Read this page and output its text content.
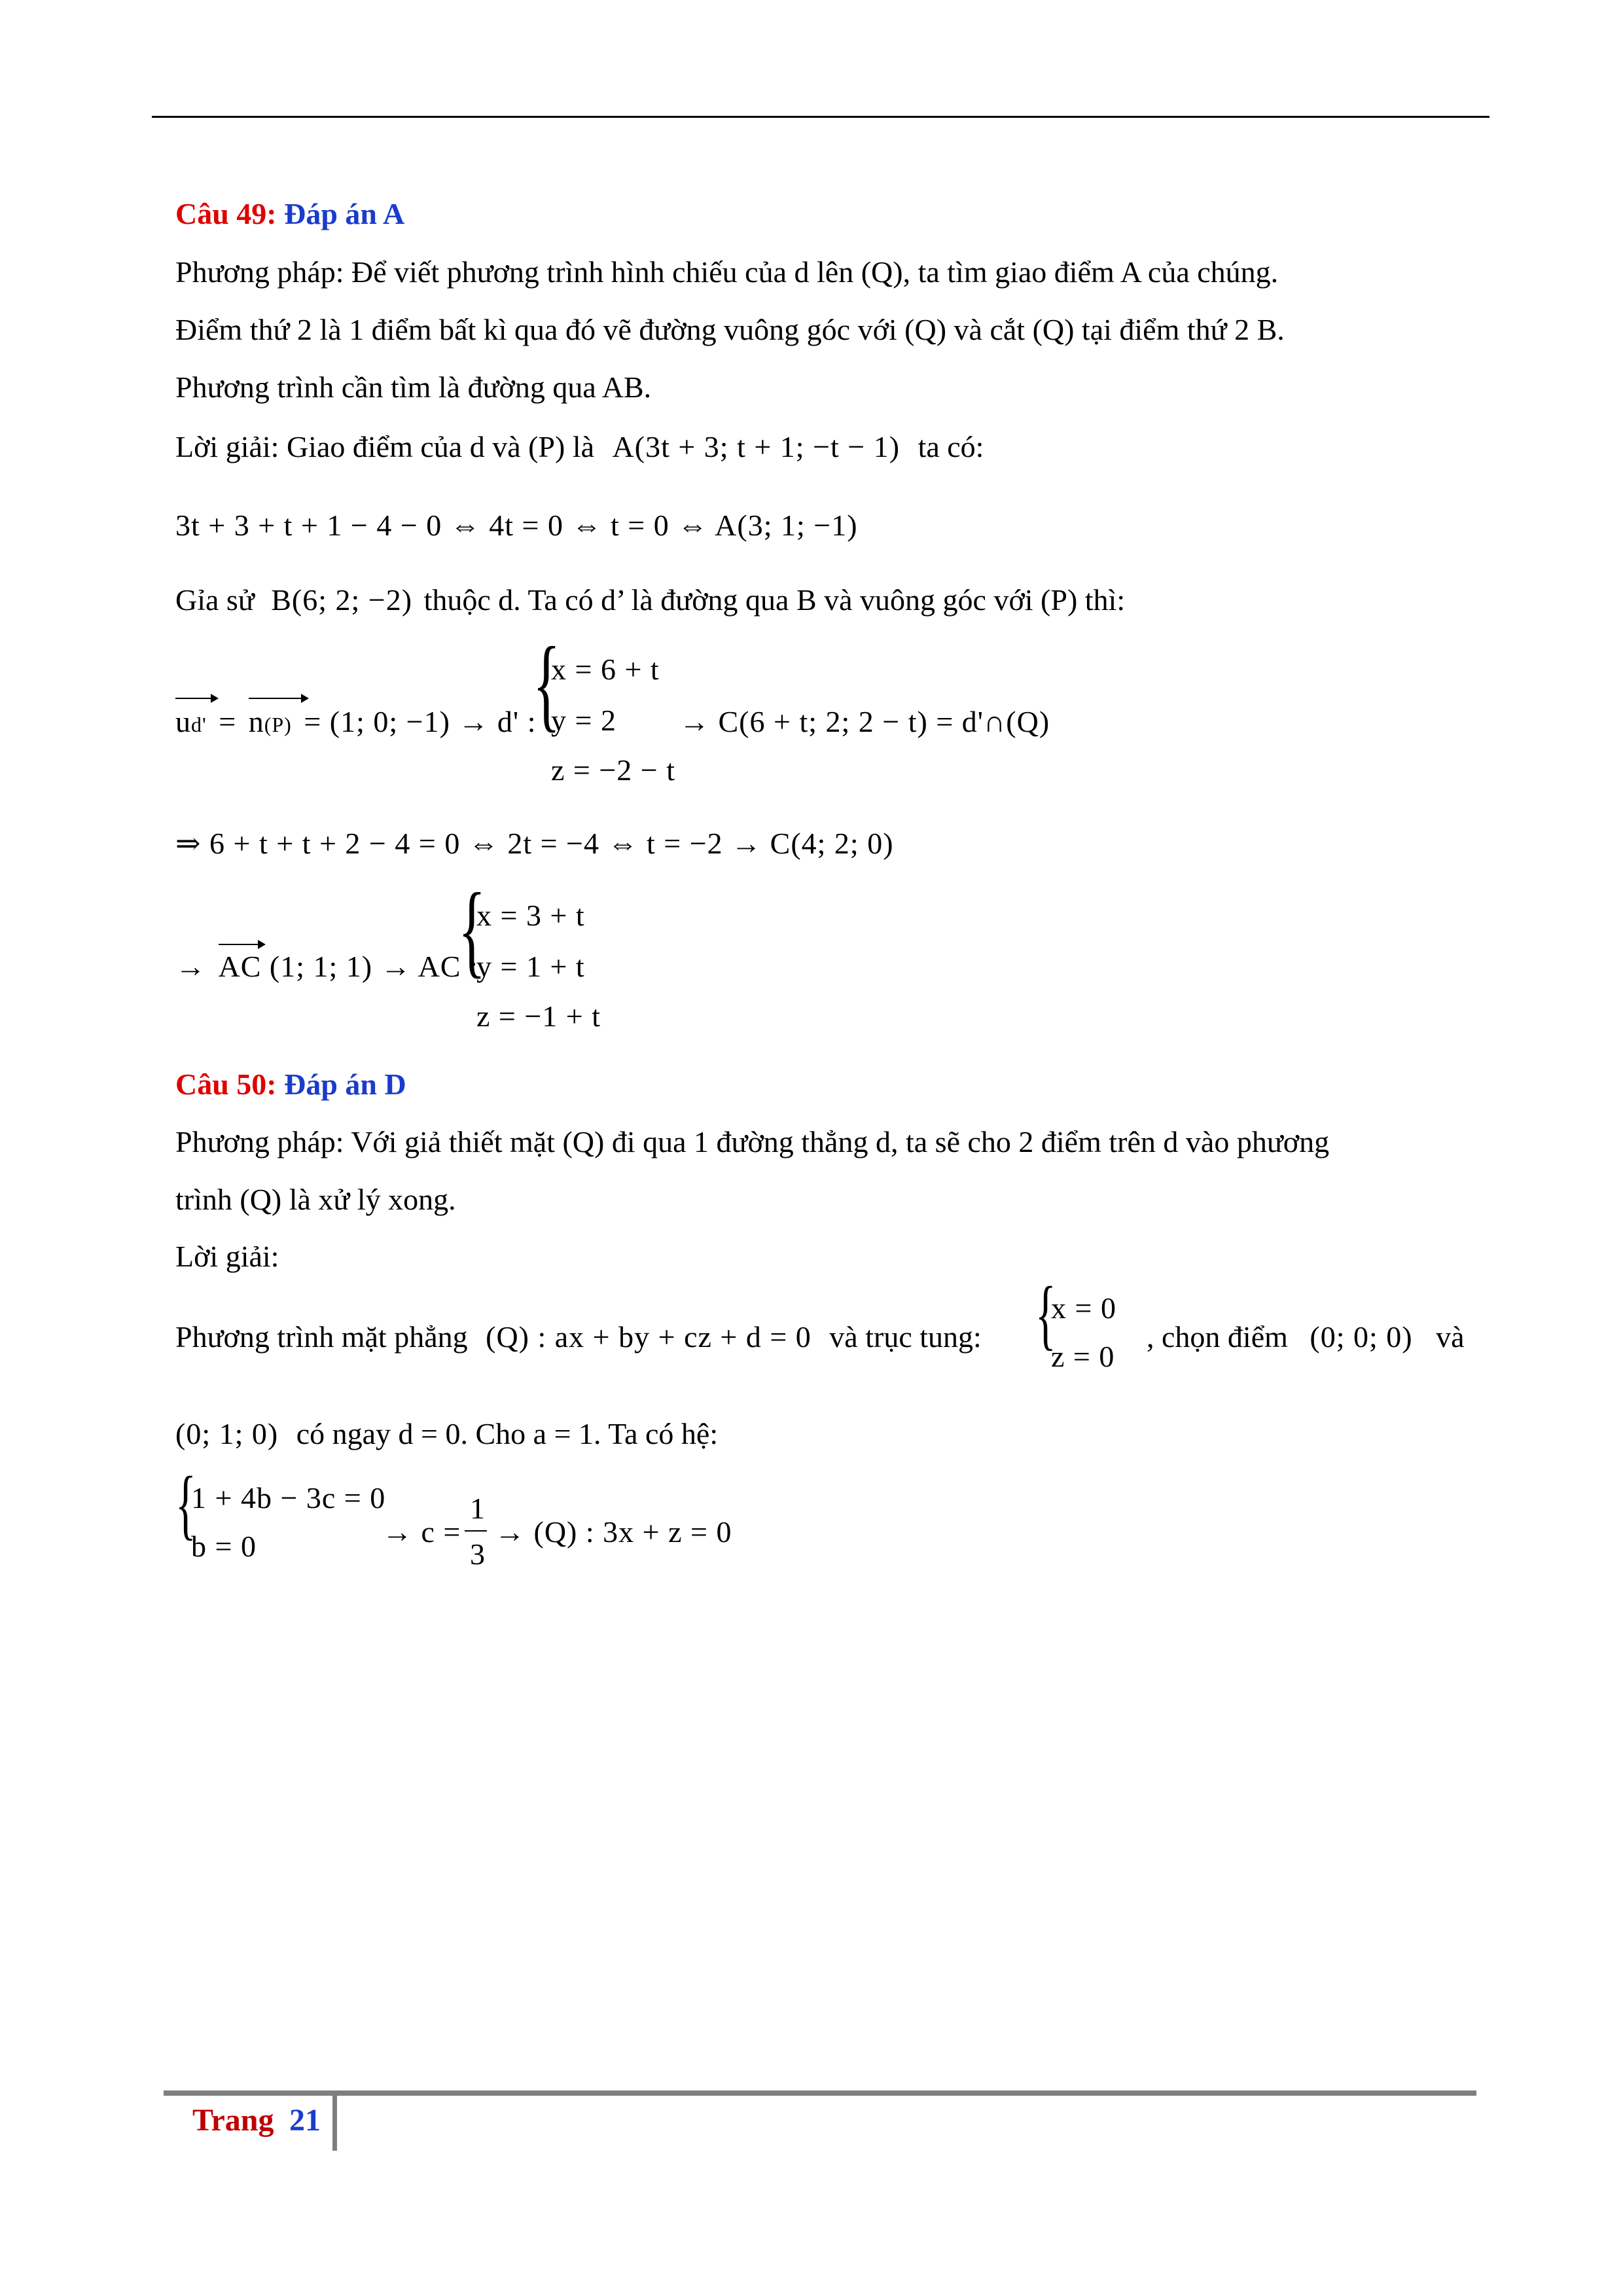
Câu 49: Đáp án A
Phương pháp: Để viết phương trình hình chiếu của d lên (Q), ta tìm giao điểm A của chúng.
Điểm thứ 2 là 1 điểm bất kì qua đó vẽ đường vuông góc với (Q) và cắt (Q) tại điểm thứ 2 B.
Phương trình cần tìm là đường qua AB.
Lời giải: Giao điểm của d và (P) là A(3t + 3; t + 1; −t − 1) ta có:
3t + 3 + t + 1 − 4 − 0 ⇔ 4t = 0 ⇔ t = 0 ⇔ A(3; 1; −1)
Gỉa sử B(6; 2; −2) thuộc d. Ta có d’ là đường qua B và vuông góc với (P) thì:
ud' = n(P) = (1; 0; −1) → d' :
{
x = 6 + t
y = 2
z = −2 − t
→ C(6 + t; 2; 2 − t) = d'∩(Q)
⇒ 6 + t + t + 2 − 4 = 0 ⇔ 2t = −4 ⇔ t = −2 → C(4; 2; 0)
→ AC (1; 1; 1) → AC :
{
x = 3 + t
y = 1 + t
z = −1 + t
Câu 50: Đáp án D
Phương pháp: Với giả thiết mặt (Q) đi qua 1 đường thẳng d, ta sẽ cho 2 điểm trên d vào phương
trình (Q) là xử lý xong.
Lời giải:
Phương trình mặt phẳng (Q) : ax + by + cz + d = 0 và trục tung: {
x = 0
z = 0
, chọn điểm (0; 0; 0) và
(0; 1; 0) có ngay d = 0. Cho a = 1. Ta có hệ:
{
1 + 4b − 3c = 0
b = 0	→ c =
1
3
→ (Q) : 3x + z = 0
Trang 21
